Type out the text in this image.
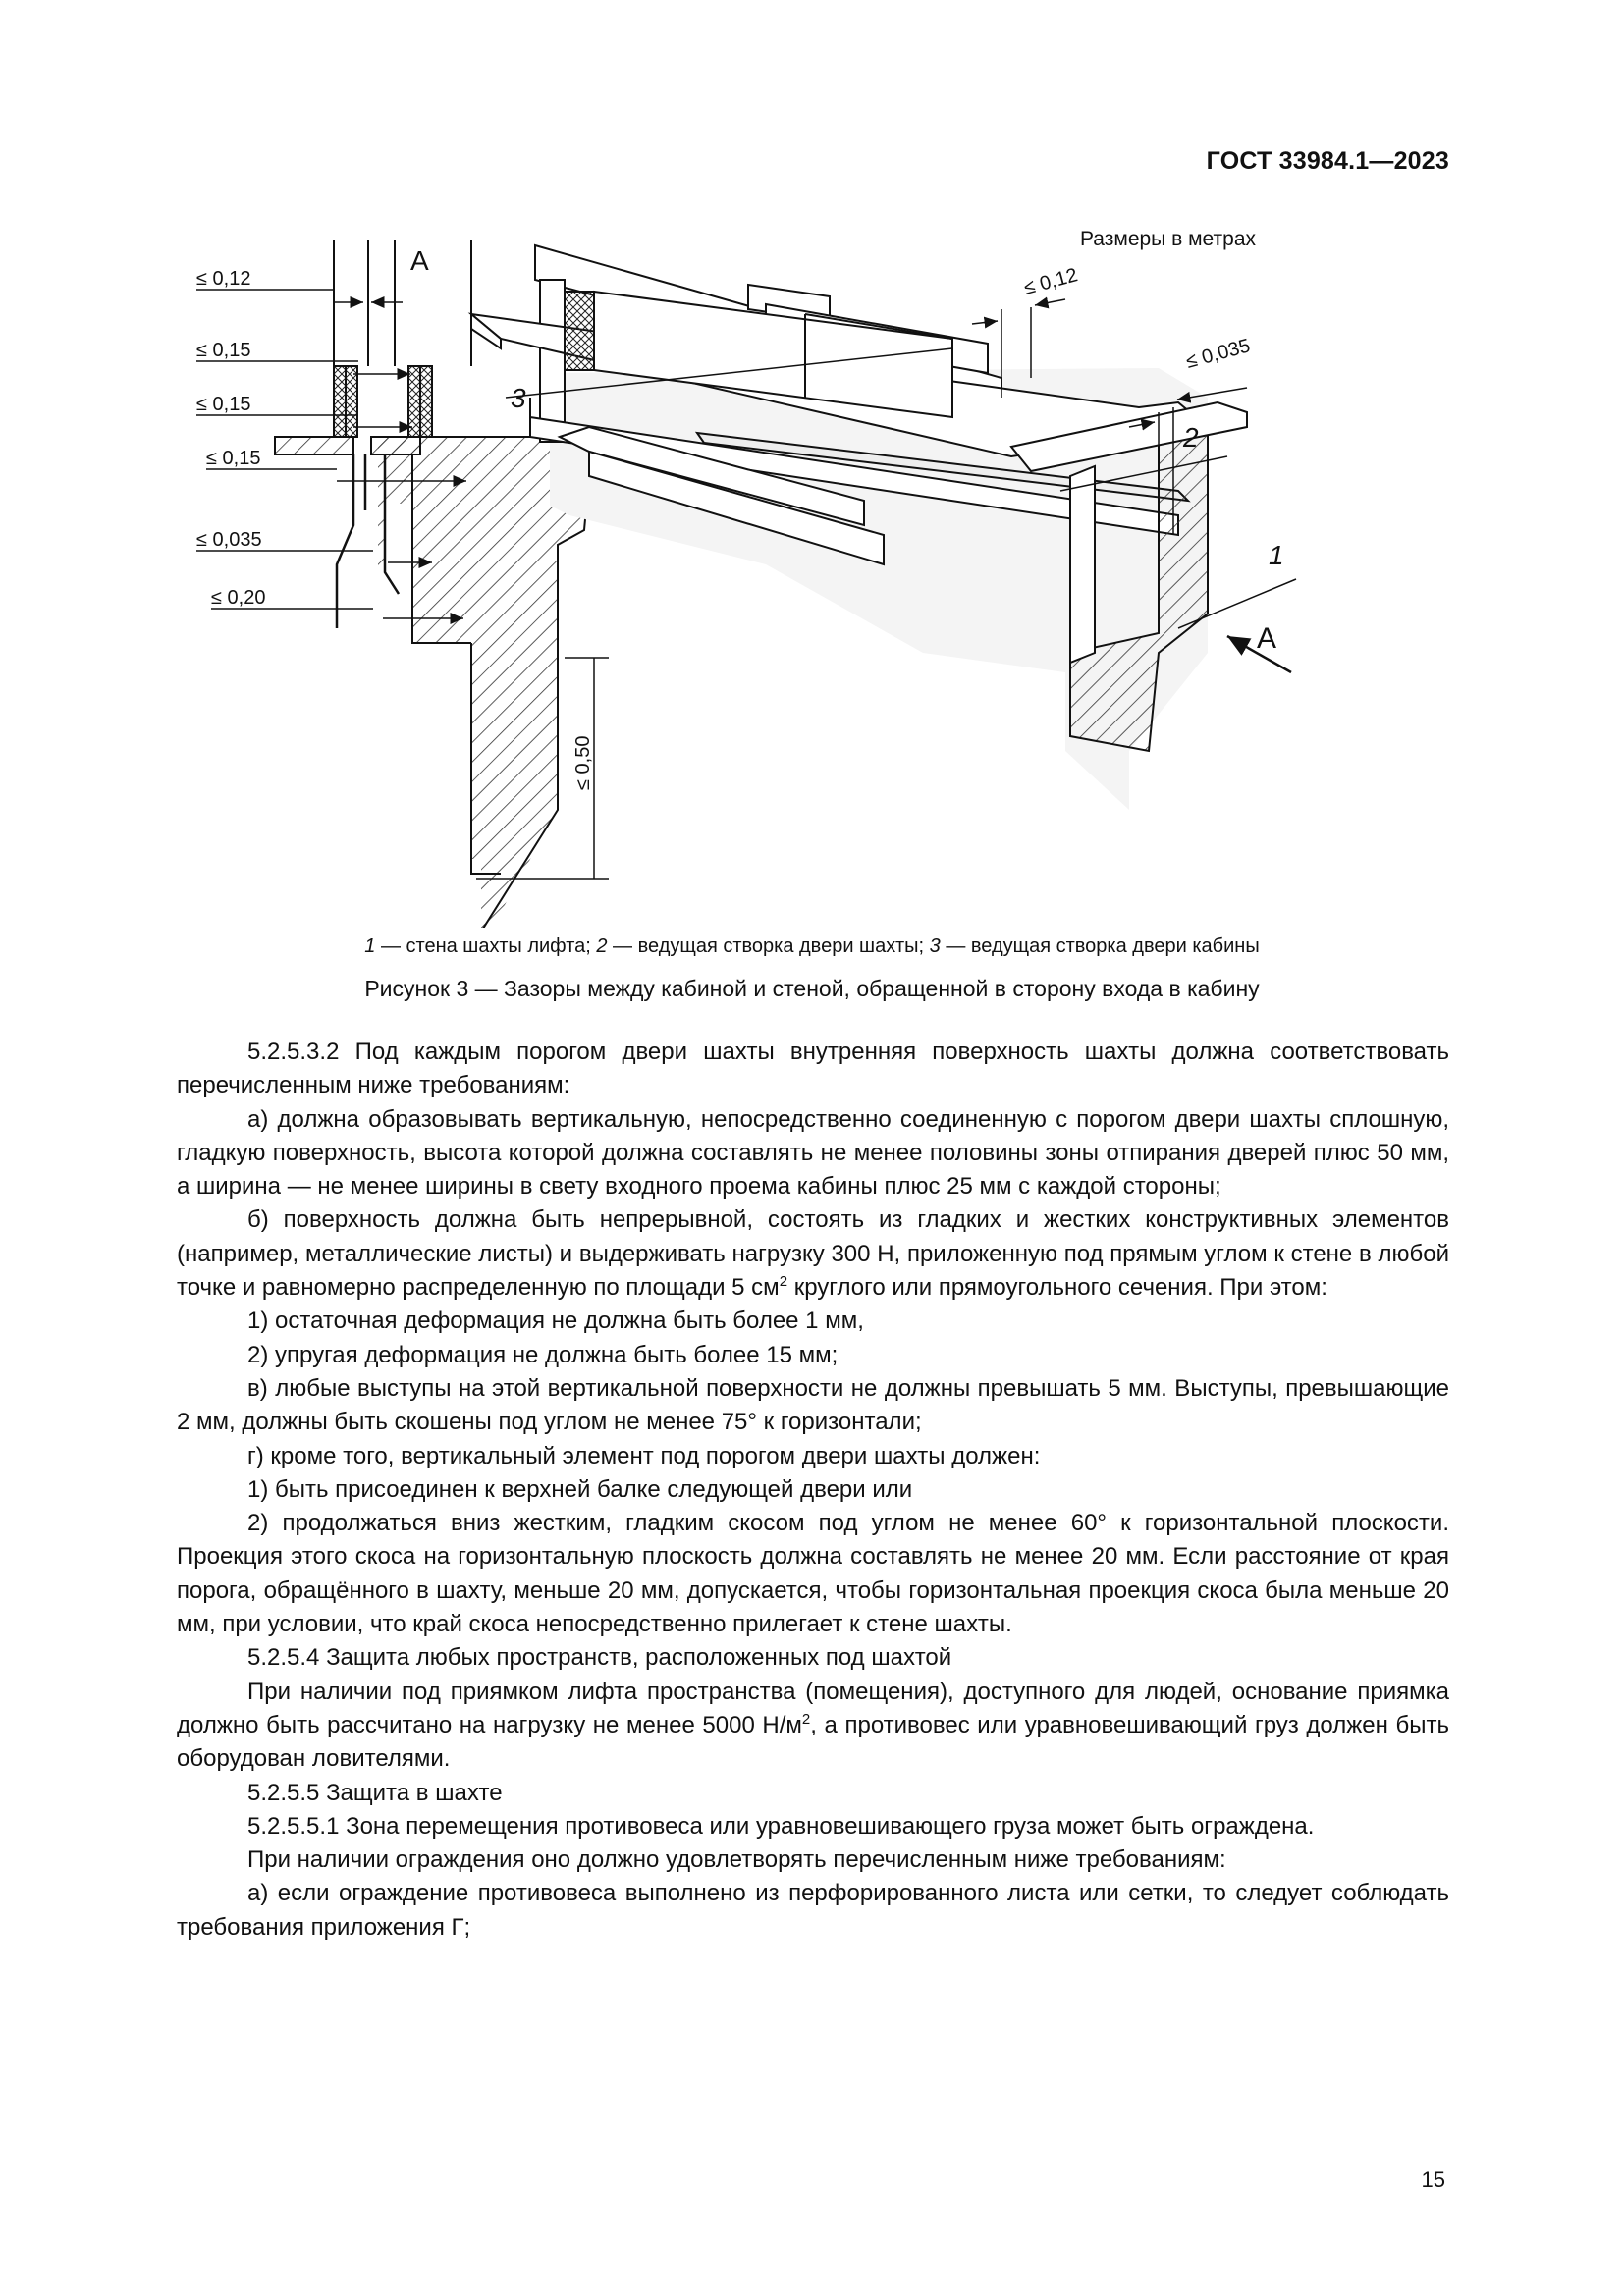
ГОСТ 33984.1—2023
Размеры в метрах
А
≤ 0,12
≤ 0,15
≤ 0,15
≤ 0,15
≤ 0,035
≤ 0,20
≤ 0,50
≤ 0,12
≤ 0,035
2
3
1
А
1 — стена шахты лифта; 2 — ведущая створка двери шахты; 3 — ведущая створка двери кабины
Рисунок 3 — Зазоры между кабиной и стеной, обращенной в сторону входа в кабину

5.2.5.3.2 Под каждым порогом двери шахты внутренняя поверхность шахты должна соответствовать перечисленным ниже требованиям:

а) должна образовывать вертикальную, непосредственно соединенную с порогом двери шахты сплошную, гладкую поверхность, высота которой должна составлять не менее половины зоны отпирания дверей плюс 50 мм, а ширина — не менее ширины в свету входного проема кабины плюс 25 мм с каждой стороны;

б) поверхность должна быть непрерывной, состоять из гладких и жестких конструктивных элементов (например, металлические листы) и выдерживать нагрузку 300 Н, приложенную под прямым углом к стене в любой точке и равномерно распределенную по площади 5 $см^2$ круглого или прямоугольного сечения. При этом:

1) остаточная деформация не должна быть более 1 мм,

2) упругая деформация не должна быть более 15 мм;

в) любые выступы на этой вертикальной поверхности не должны превышать 5 мм. Выступы, превышающие 2 мм, должны быть скошены под углом не менее 75° к горизонтали;

г) кроме того, вертикальный элемент под порогом двери шахты должен:

1) быть присоединен к верхней балке следующей двери или

2) продолжаться вниз жестким, гладким скосом под углом не менее 60° к горизонтальной плоскости. Проекция этого скоса на горизонтальную плоскость должна составлять не менее 20 мм. Если расстояние от края порога, обращённого в шахту, меньше 20 мм, допускается, чтобы горизонтальная проекция скоса была меньше 20 мм, при условии, что край скоса непосредственно прилегает к стене шахты.

5.2.5.4 Защита любых пространств, расположенных под шахтой

При наличии под приямком лифта пространства (помещения), доступного для людей, основание приямка должно быть рассчитано на нагрузку не менее 5000 $Н/м^2$, а противовес или уравновешивающий груз должен быть оборудован ловителями.

5.2.5.5 Защита в шахте

5.2.5.5.1 Зона перемещения противовеса или уравновешивающего груза может быть ограждена.

При наличии ограждения оно должно удовлетворять перечисленным ниже требованиям:

а) если ограждение противовеса выполнено из перфорированного листа или сетки, то следует соблюдать требования приложения Г;

15
